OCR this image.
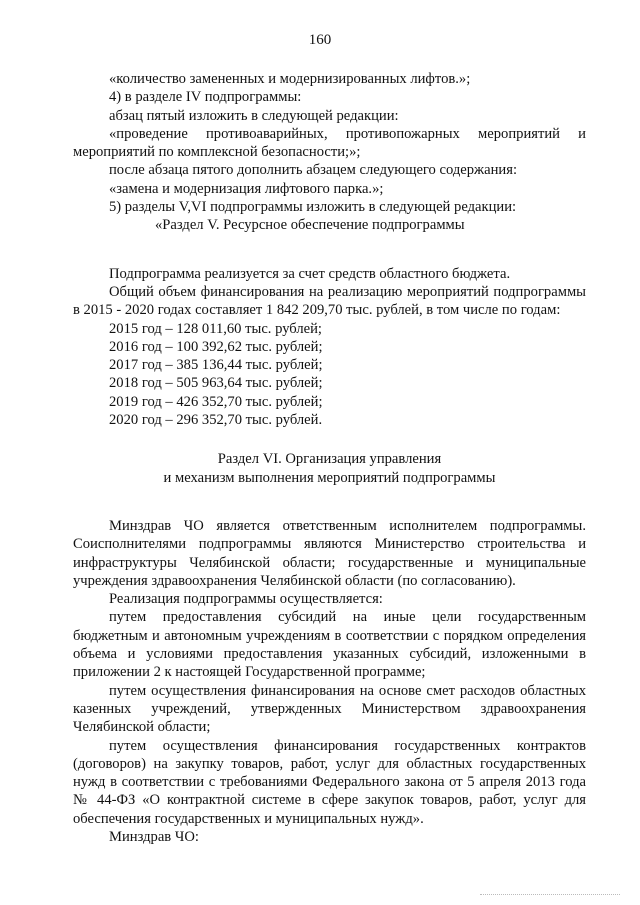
160

«количество замененных и модернизированных лифтов.»;

4) в разделе IV подпрограммы:

абзац пятый изложить в следующей редакции:

«проведение противоаварийных, противопожарных мероприятий и мероприятий по комплексной безопасности;»;

после абзаца пятого дополнить абзацем следующего содержания:

«замена и модернизация лифтового парка.»;

5) разделы V,VI подпрограммы изложить в следующей редакции:

«Раздел V. Ресурсное обеспечение подпрограммы

Подпрограмма реализуется за счет средств областного бюджета.

Общий объем финансирования на реализацию мероприятий подпрограммы в 2015 - 2020 годах составляет 1 842 209,70 тыс. рублей, в том числе по годам:

2015 год – 128 011,60 тыс. рублей;

2016 год – 100 392,62 тыс. рублей;

2017 год – 385 136,44 тыс. рублей;

2018 год – 505 963,64 тыс. рублей;

2019 год – 426 352,70 тыс. рублей;

2020 год – 296 352,70 тыс. рублей.

Раздел VI. Организация управления

и механизм выполнения мероприятий подпрограммы

Минздрав ЧО является ответственным исполнителем подпрограммы. Соисполнителями подпрограммы являются Министерство строительства и инфраструктуры Челябинской области; государственные и муниципальные учреждения здравоохранения Челябинской области (по согласованию).

Реализация подпрограммы осуществляется:

путем предоставления субсидий на иные цели государственным бюджетным и автономным учреждениям в соответствии с порядком определения объема и условиями предоставления указанных субсидий, изложенными в приложении 2 к настоящей Государственной программе;

путем осуществления финансирования на основе смет расходов областных казенных учреждений, утвержденных Министерством здравоохранения Челябинской области;

путем осуществления финансирования государственных контрактов (договоров) на закупку товаров, работ, услуг для областных государственных нужд в соответствии с требованиями Федерального закона от 5 апреля 2013 года № 44-ФЗ «О контрактной системе в сфере закупок товаров, работ, услуг для обеспечения государственных и муниципальных нужд».

Минздрав ЧО:
